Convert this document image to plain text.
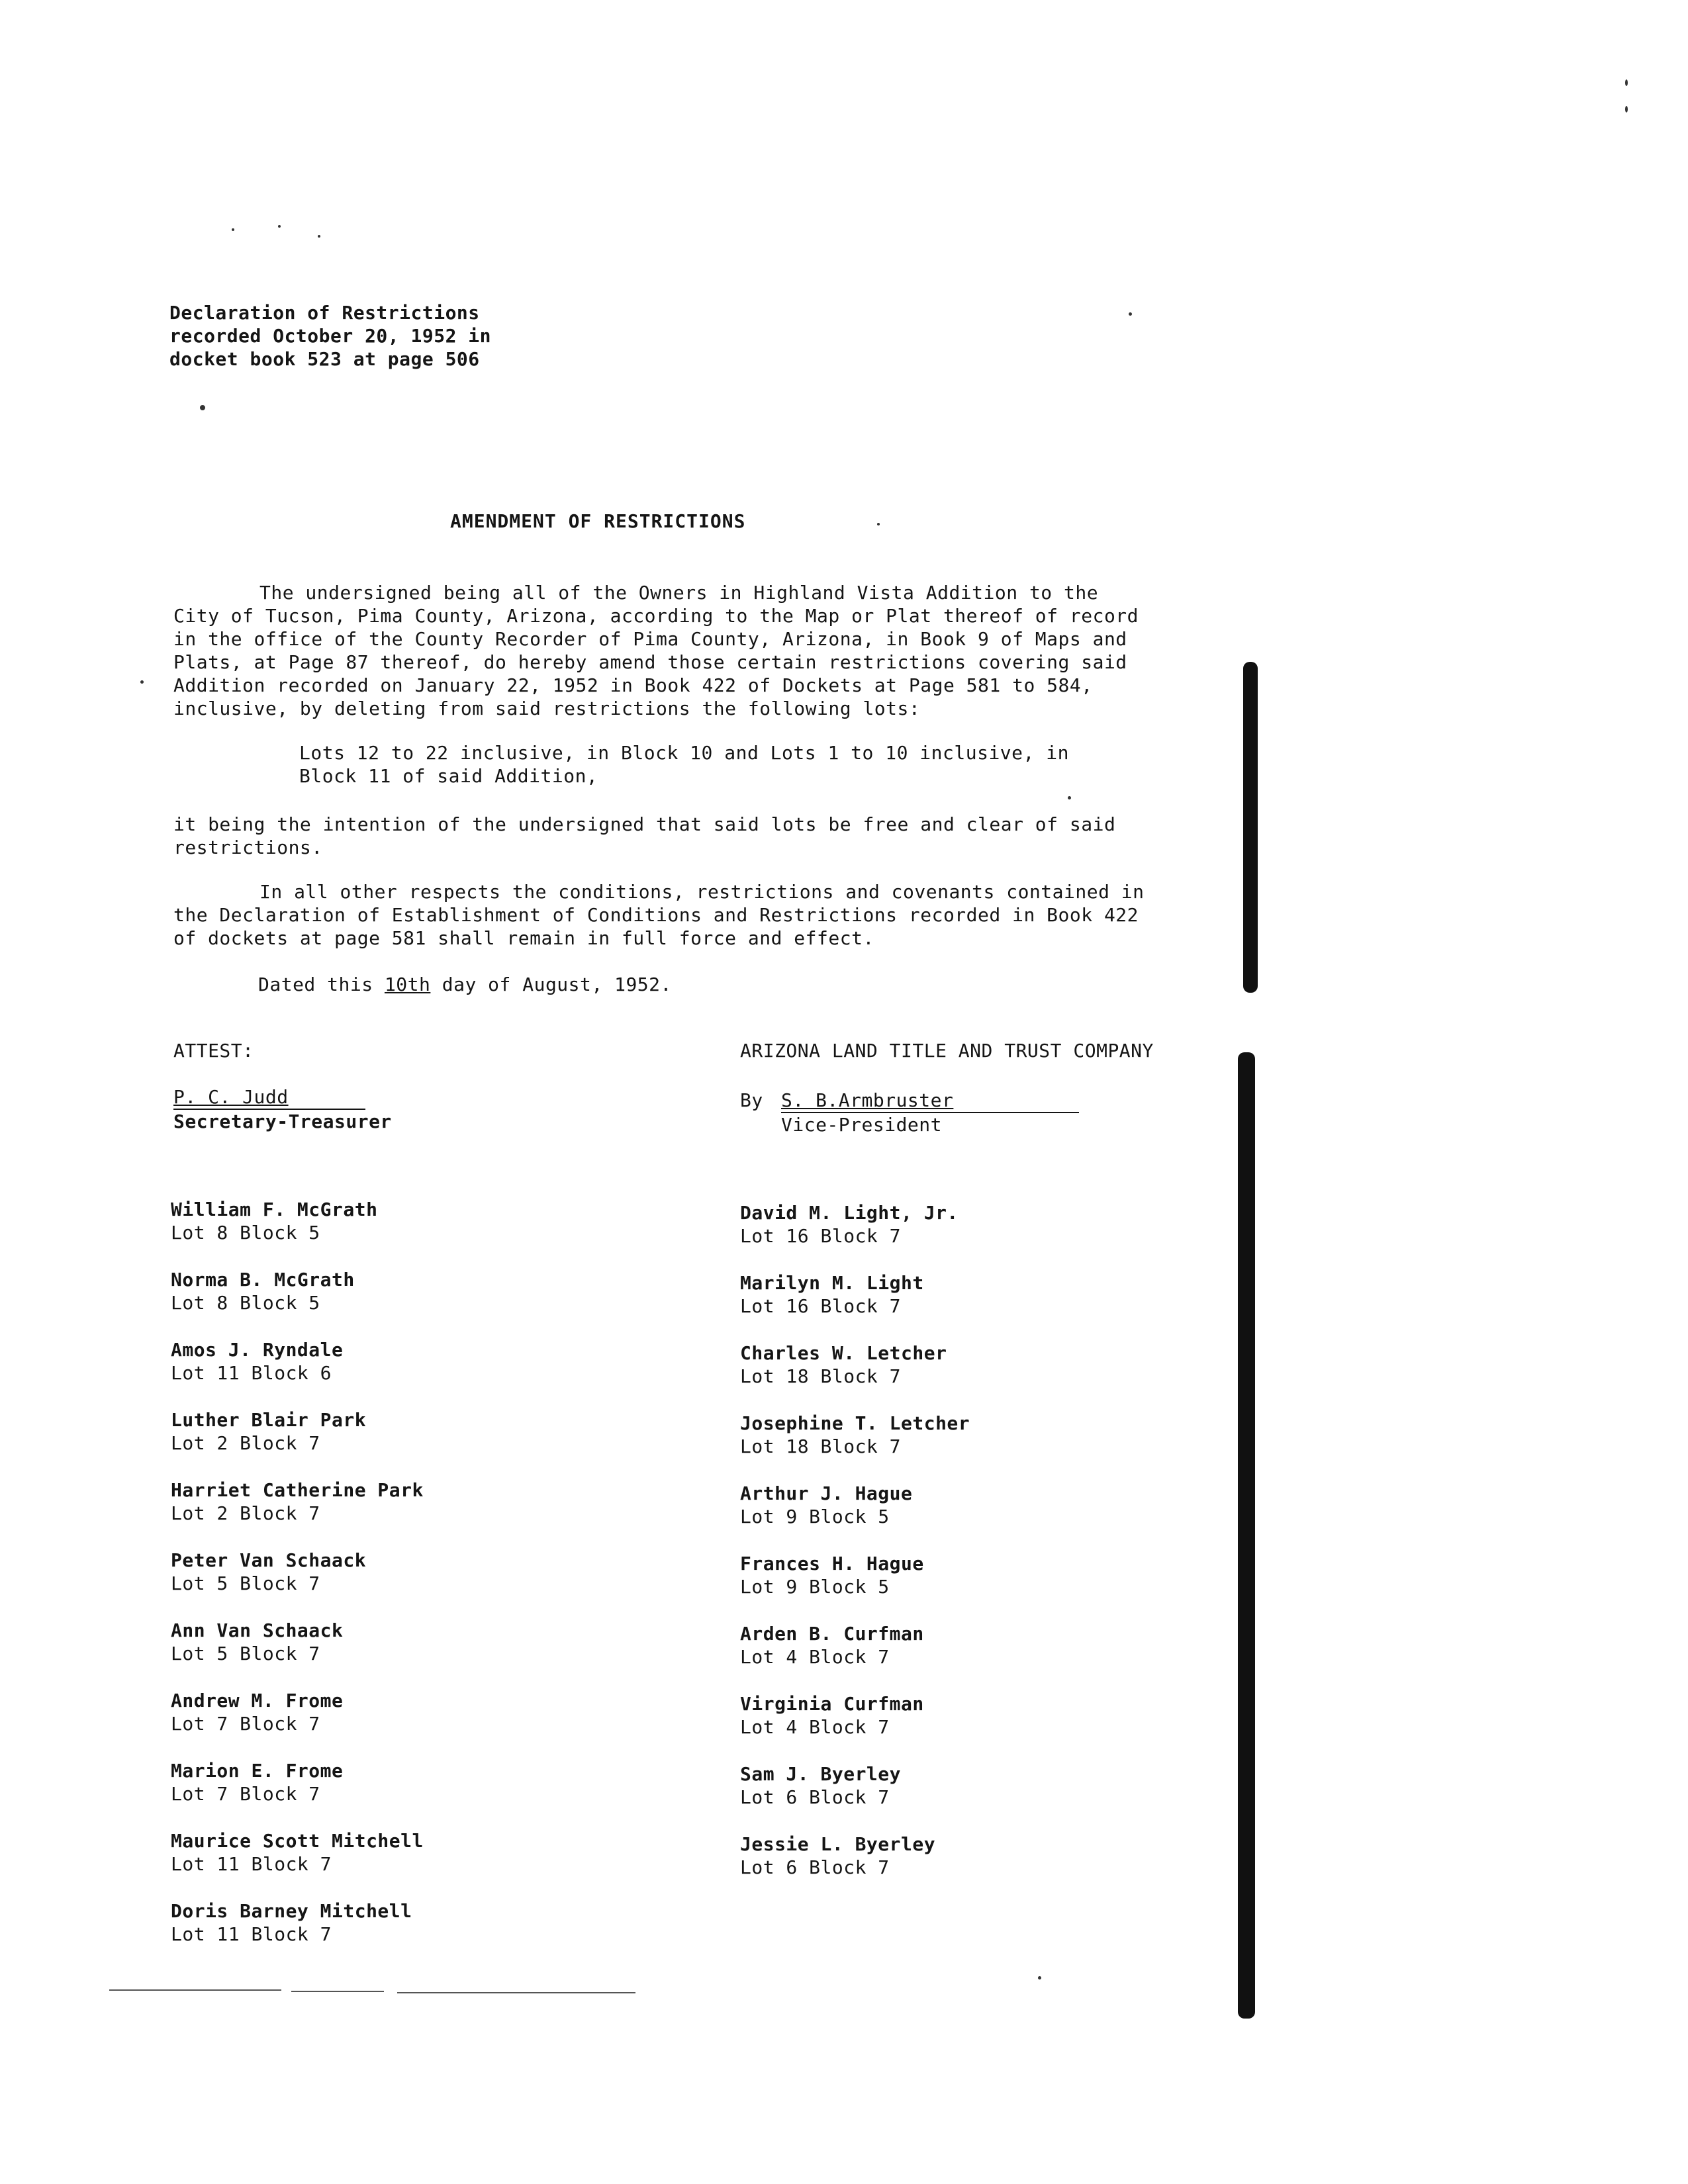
Declaration of Restrictions
recorded October 20, 1952 in
docket book 523 at page 506
AMENDMENT OF RESTRICTIONS
The undersigned being all of the Owners in Highland Vista Addition to the
City of Tucson, Pima County, Arizona, according to the Map or Plat thereof of record
in the office of the County Recorder of Pima County, Arizona, in Book 9 of Maps and
Plats, at Page 87 thereof, do hereby amend those certain restrictions covering said
Addition recorded on January 22, 1952 in Book 422 of Dockets at Page 581 to 584,
inclusive, by deleting from said restrictions the following lots:
Lots 12 to 22 inclusive, in Block 10 and Lots 1 to 10 inclusive, in
Block 11 of said Addition,
it being the intention of the undersigned that said lots be free and clear of said
restrictions.
In all other respects the conditions, restrictions and covenants contained in
the Declaration of Establishment of Conditions and Restrictions recorded in Book 422
of dockets at page 581 shall remain in full force and effect.
Dated this 10th day of August, 1952.
ATTEST:
P. C. Judd
Secretary-Treasurer
ARIZONA LAND TITLE AND TRUST COMPANY
By S. B.Armbruster
Vice-President
William F. McGrath
Lot 8 Block 5
Norma B. McGrath
Lot 8 Block 5
Amos J. Ryndale
Lot 11 Block 6
Luther Blair Park
Lot 2 Block 7
Harriet Catherine Park
Lot 2 Block 7
Peter Van Schaack
Lot 5 Block 7
Ann Van Schaack
Lot 5 Block 7
Andrew M. Frome
Lot 7 Block 7
Marion E. Frome
Lot 7 Block 7
Maurice Scott Mitchell
Lot 11 Block 7
Doris Barney Mitchell
Lot 11 Block 7
David M. Light, Jr.
Lot 16 Block 7
Marilyn M. Light
Lot 16 Block 7
Charles W. Letcher
Lot 18 Block 7
Josephine T. Letcher
Lot 18 Block 7
Arthur J. Hague
Lot 9 Block 5
Frances H. Hague
Lot 9 Block 5
Arden B. Curfman
Lot 4 Block 7
Virginia Curfman
Lot 4 Block 7
Sam J. Byerley
Lot 6 Block 7
Jessie L. Byerley
Lot 6 Block 7
